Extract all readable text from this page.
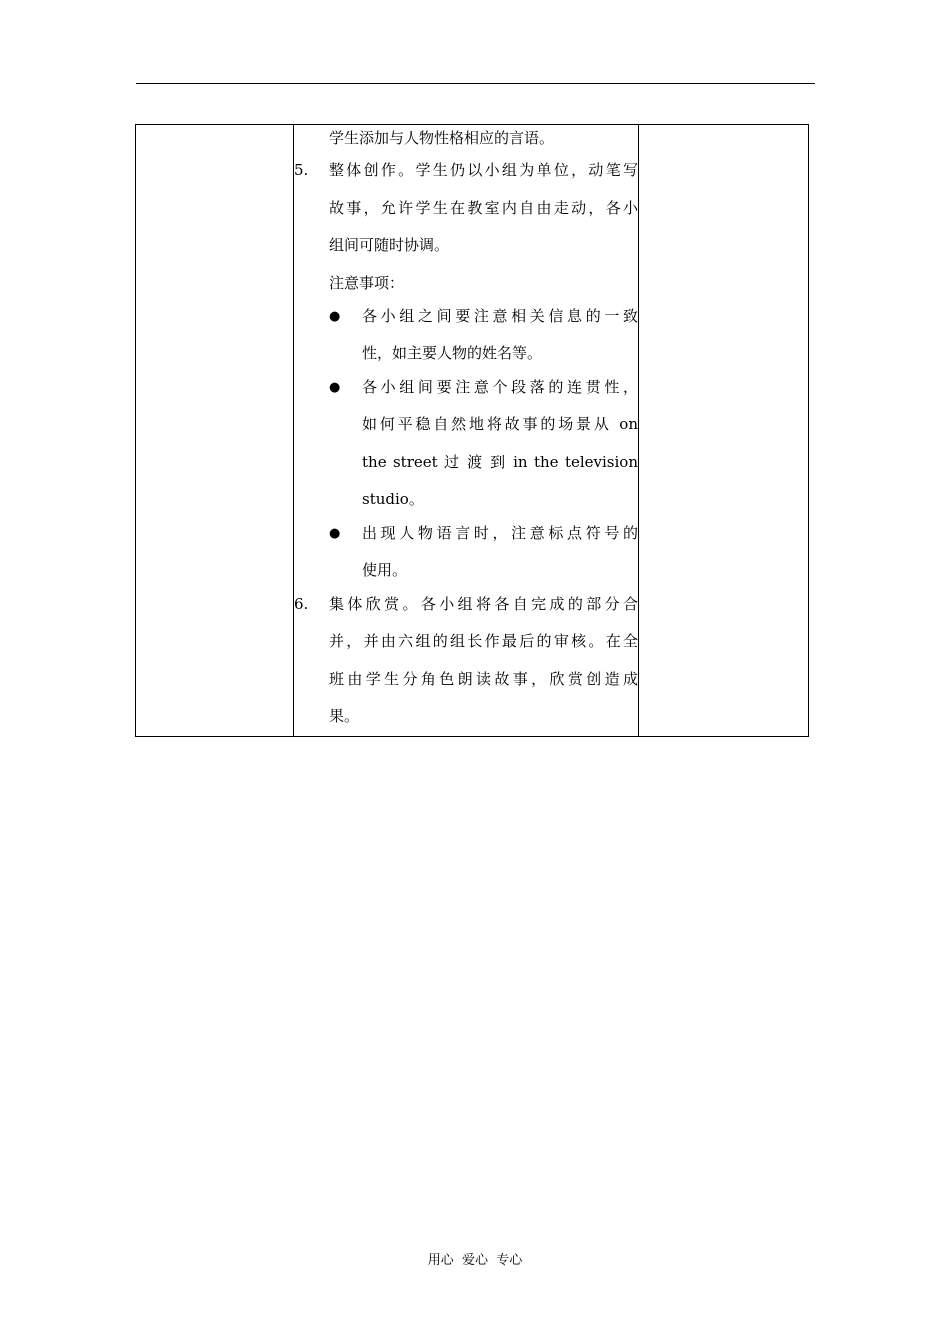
学生添加与人物性格相应的言语。
5. 整体创作。学生仍以小组为单位，动笔写
故事，允许学生在教室内自由走动，各小
组间可随时协调。
注意事项：
● 各小组之间要注意相关信息的一致
性，如主要人物的姓名等。
● 各小组间要注意个段落的连贯性，
如何平稳自然地将故事的场景从 on
the street 过 渡 到 in the television
studio。
● 出现人物语言时，注意标点符号的
使用。
6. 集体欣赏。各小组将各自完成的部分合
并，并由六组的组长作最后的审核。在全
班由学生分角色朗读故事，欣赏创造成
果。

用心  爱心  专心
